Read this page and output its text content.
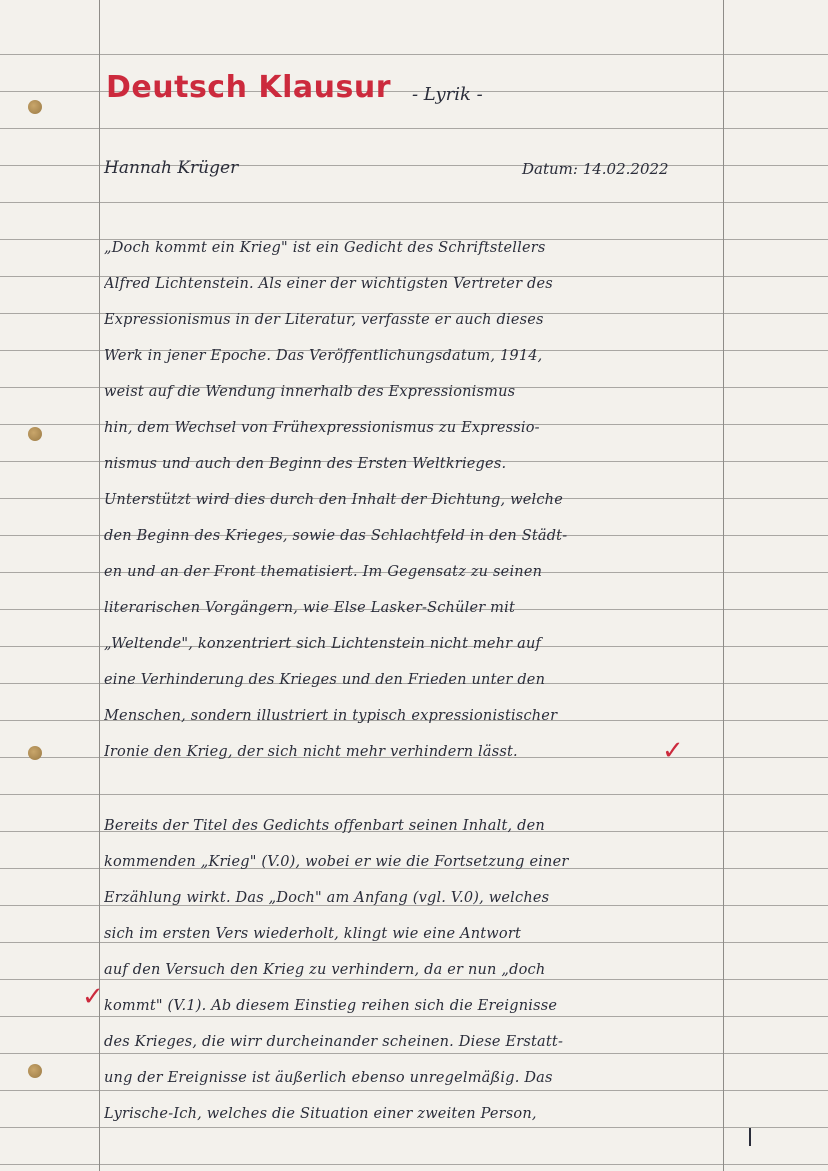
Deutsch Klausur - Lyrik -
Hannah Krüger	Datum: 14.02.2022
„Doch kommt ein Krieg" ist ein Gedicht des Schriftstellers
Alfred Lichtenstein. Als einer der wichtigsten Vertreter des
Expressionismus in der Literatur, verfasste er auch dieses
Werk in jener Epoche. Das Veröffentlichungsdatum, 1914,
weist auf die Wendung innerhalb des Expressionismus
hin, dem Wechsel von Frühexpressionismus zu Expressio-
nismus und auch den Beginn des Ersten Weltkrieges.
Unterstützt wird dies durch den Inhalt der Dichtung, welche
den Beginn des Krieges, sowie das Schlachtfeld in den Städt-
en und an der Front thematisiert. Im Gegensatz zu seinen
literarischen Vorgängern, wie Else Lasker-Schüler mit
„Weltende", konzentriert sich Lichtenstein nicht mehr auf
eine Verhinderung des Krieges und den Frieden unter den
Menschen, sondern illustriert in typisch expressionistischer
Ironie den Krieg, der sich nicht mehr verhindern lässt.	✓
Bereits der Titel des Gedichts offenbart seinen Inhalt, den
kommenden „Krieg" (V.0), wobei er wie die Fortsetzung einer
Erzählung wirkt. Das „Doch" am Anfang (vgl. V.0), welches
sich im ersten Vers wiederholt, klingt wie eine Antwort
auf den Versuch den Krieg zu verhindern, da er nun „doch
kommt" (V.1). Ab diesem Einstieg reihen sich die Ereignisse
des Krieges, die wirr durcheinander scheinen. Diese Erstatt-
ung der Ereignisse ist äußerlich ebenso unregelmäßig. Das
Lyrische-Ich, welches die Situation einer zweiten Person,
✓
